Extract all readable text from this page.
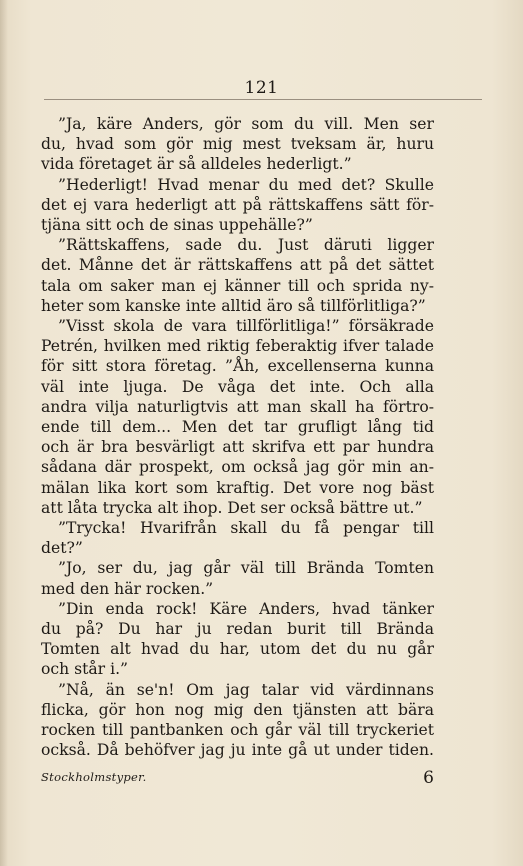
121
”Ja, käre Anders, gör som du vill. Men ser
du, hvad som gör mig mest tveksam är, huru
vida företaget är så alldeles hederligt.”
”Hederligt! Hvad menar du med det? Skulle
det ej vara hederligt att på rättskaffens sätt för-
tjäna sitt och de sinas uppehälle?”
”Rättskaffens, sade du. Just däruti ligger
det. Månne det är rättskaffens att på det sättet
tala om saker man ej känner till och sprida ny-
heter som kanske inte alltid äro så tillförlitliga?”
”Visst skola de vara tillförlitliga!” försäkrade
Petrén, hvilken med riktig feberaktig ifver talade
för sitt stora företag. ”Åh, excellenserna kunna
väl inte ljuga. De våga det inte. Och alla
andra vilja naturligtvis att man skall ha förtro-
ende till dem... Men det tar grufligt lång tid
och är bra besvärligt att skrifva ett par hundra
sådana där prospekt, om också jag gör min an-
mälan lika kort som kraftig. Det vore nog bäst
att låta trycka alt ihop. Det ser också bättre ut.”
”Trycka! Hvarifrån skall du få pengar till
det?”
”Jo, ser du, jag går väl till Brända Tomten
med den här rocken.”
”Din enda rock! Käre Anders, hvad tänker
du på? Du har ju redan burit till Brända
Tomten alt hvad du har, utom det du nu går
och står i.”
”Nå, än se'n! Om jag talar vid värdinnans
flicka, gör hon nog mig den tjänsten att bära
rocken till pantbanken och går väl till tryckeriet
också. Då behöfver jag ju inte gå ut under tiden.
Stockholmstyper.	6
